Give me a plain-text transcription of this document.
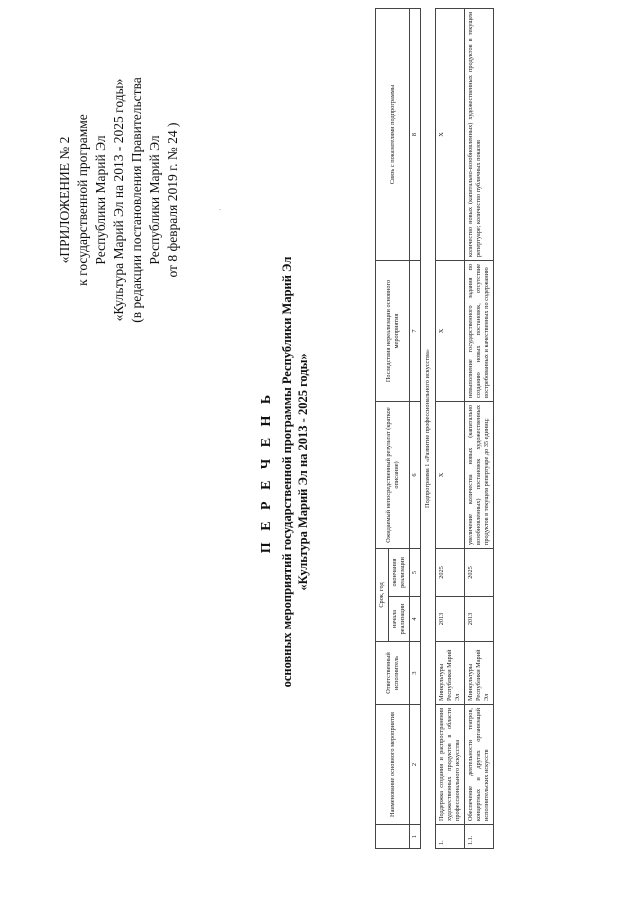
«ПРИЛОЖЕНИЕ № 2 к государственной программе Республики Марий Эл «Культура Марий Эл на 2013 - 2025 годы» (в редакции постановления Правительства Республики Марий Эл от 8 февраля 2019 г. № 24 )	·
П Е Р Е Ч Е Н Ь основных мероприятий государственной программы Республики Марий Эл «Культура Марий Эл на 2013 - 2025 годы»
	Наименование основного мероприятия	Ответственный исполнитель	Срок, год		Ожидаемый непосредственный результат (краткое описание)	Последствия нереализации основного мероприятия	Связь с показателями подпрограммы
			начала реализации	окончания реализации			
1	2	3	4	5	6	7	8
Подпрограмма 1 «Развитие профессионального искусства»							
1.	Поддержка создания и распространения художественных продуктов в области профессионального искусства	Минкультуры Республики Марий Эл	2013	2025	X	X	X
1.1.	Обеспечение деятельности театров, концертных и других организаций исполнительских искусств	Минкультуры Республики Марий Эл	2013	2025	увеличение количества новых (капитально возобновленных) постановок художественных продуктов в текущем репертуаре до 35 единиц;	невыполнение государственного задания по созданию новых постановок, отсутствие востребованных и качественных по содержанию	количество новых (капитально-возобновленных) художественных продуктов в текущем репертуаре; количество публичных показов
